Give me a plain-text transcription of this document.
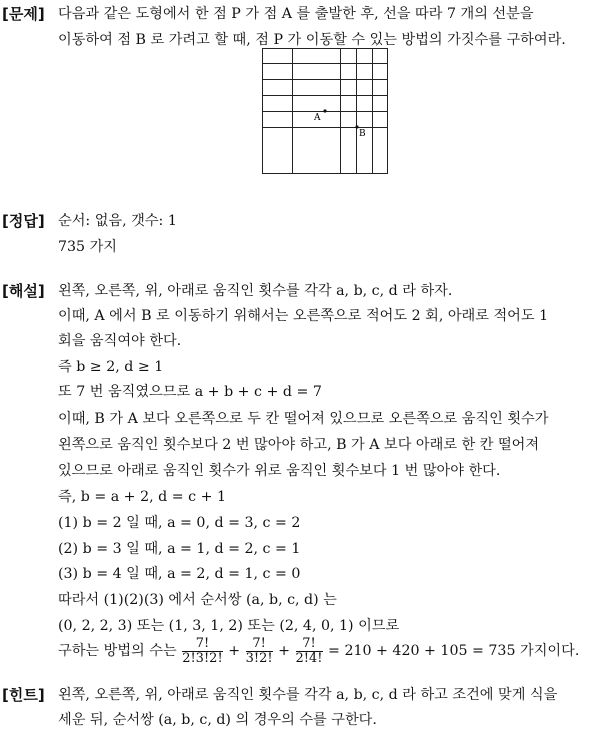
[문제] 다음과 같은 도형에서 한 점 P 가 점 A 를 출발한 후, 선을 따라 7 개의 선분을
이동하여 점 B 로 가려고 할 때, 점 P 가 이동할 수 있는 방법의 가짓수를 구하여라.
A
B
[정답] 순서: 없음, 갯수: 1
735 가지
[해설] 왼쪽, 오른쪽, 위, 아래로 움직인 횟수를 각각 a, b, c, d 라 하자.
이때, A 에서 B 로 이동하기 위해서는 오른쪽으로 적어도 2 회, 아래로 적어도 1
회을 움직여야 한다.
즉 b ≥ 2, d ≥ 1
또 7 번 움직였으므로 a + b + c + d = 7
이때, B 가 A 보다 오른쪽으로 두 칸 떨어져 있으므로 오른쪽으로 움직인 횟수가
왼쪽으로 움직인 횟수보다 2 번 많아야 하고, B 가 A 보다 아래로 한 칸 떨어져
있으므로 아래로 움직인 횟수가 위로 움직인 횟수보다 1 번 많아야 한다.
즉, b = a + 2, d = c + 1
(1) b = 2 일 때, a = 0, d = 3, c = 2
(2) b = 3 일 때, a = 1, d = 2, c = 1
(3) b = 4 일 때, a = 2, d = 1, c = 0
따라서 (1)(2)(3) 에서 순서쌍 (a, b, c, d) 는
(0, 2, 2, 3) 또는 (1, 3, 1, 2) 또는 (2, 4, 0, 1) 이므로
구하는 방법의 수는 $\frac{7!}{2!3!2!} + \frac{7!}{3!2!} + \frac{7!}{2!4!} = 210 + 420 + 105 = 735$ 가지이다.
[힌트] 왼쪽, 오른쪽, 위, 아래로 움직인 횟수를 각각 a, b, c, d 라 하고 조건에 맞게 식을
세운 뒤, 순서쌍 (a, b, c, d) 의 경우의 수를 구한다.
